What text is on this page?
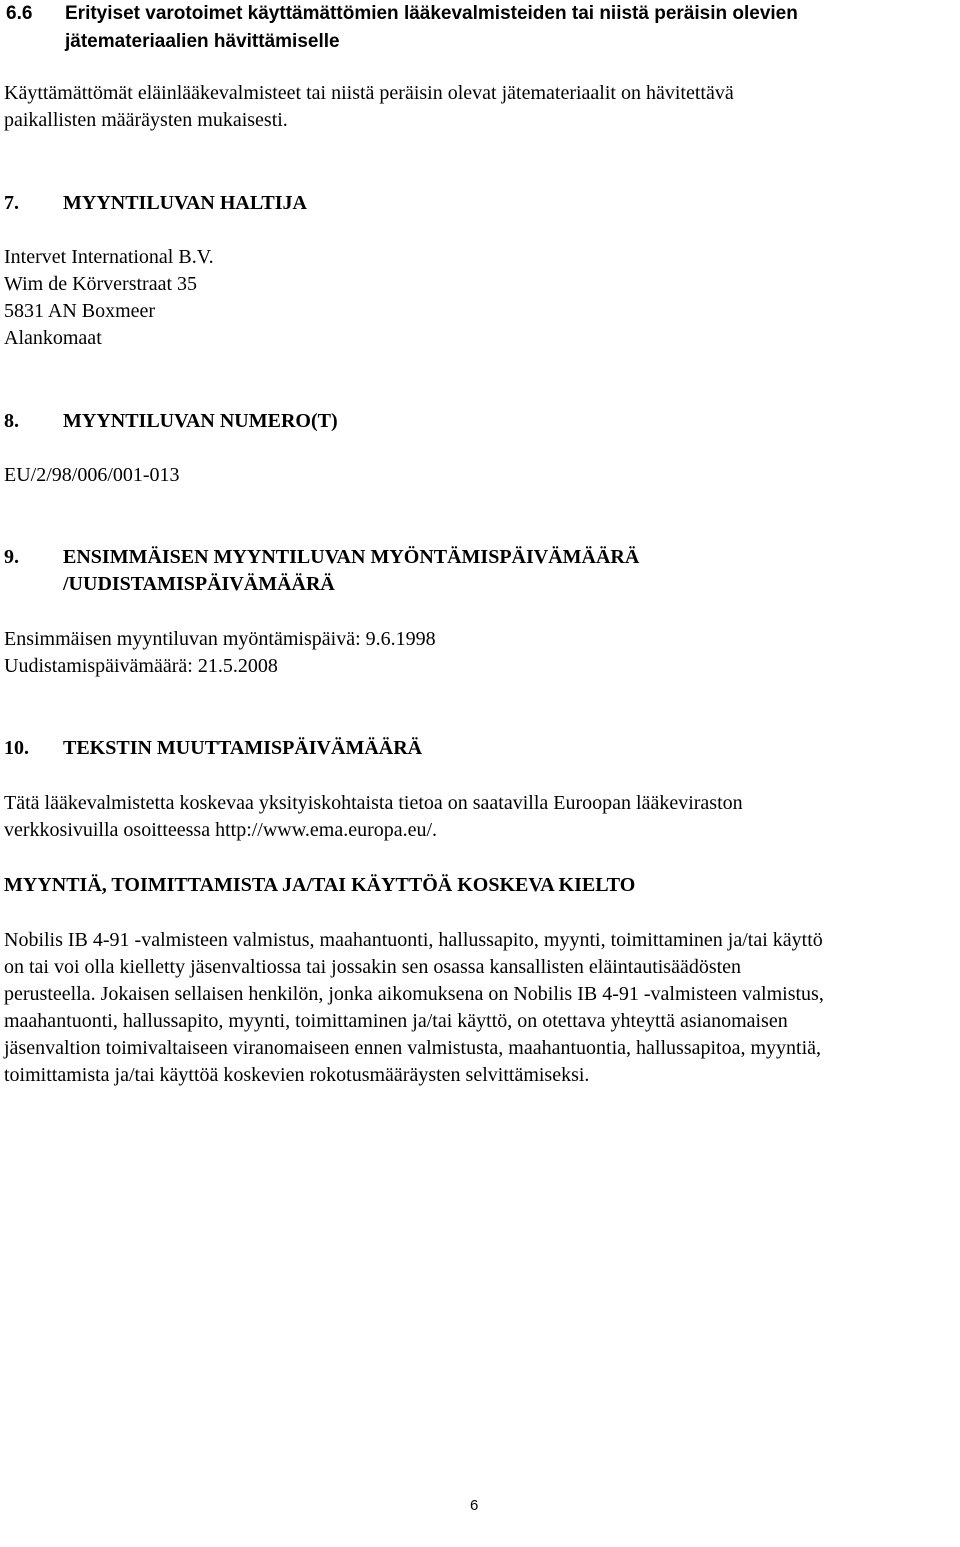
6.6 Erityiset varotoimet käyttämättömien lääkevalmisteiden tai niistä peräisin olevien
jätemateriaalien hävittämiselle
Käyttämättömät eläinlääkevalmisteet tai niistä peräisin olevat jätemateriaalit on hävitettävä
paikallisten määräysten mukaisesti.
7. MYYNTILUVAN HALTIJA
Intervet International B.V.
Wim de Körverstraat 35
5831 AN Boxmeer
Alankomaat
8. MYYNTILUVAN NUMERO(T)
EU/2/98/006/001-013
9. ENSIMMÄISEN MYYNTILUVAN MYÖNTÄMISPÄIVÄMÄÄRÄ
/UUDISTAMISPÄIVÄMÄÄRÄ
Ensimmäisen myyntiluvan myöntämispäivä: 9.6.1998
Uudistamispäivämäärä: 21.5.2008
10. TEKSTIN MUUTTAMISPÄIVÄMÄÄRÄ
Tätä lääkevalmistetta koskevaa yksityiskohtaista tietoa on saatavilla Euroopan lääkeviraston
verkkosivuilla osoitteessa http://www.ema.europa.eu/.
MYYNTIÄ, TOIMITTAMISTA JA/TAI KÄYTTÖÄ KOSKEVA KIELTO
Nobilis IB 4-91 -valmisteen valmistus, maahantuonti, hallussapito, myynti, toimittaminen ja/tai käyttö
on tai voi olla kielletty jäsenvaltiossa tai jossakin sen osassa kansallisten eläintautisäädösten
perusteella. Jokaisen sellaisen henkilön, jonka aikomuksena on Nobilis IB 4-91 -valmisteen valmistus,
maahantuonti, hallussapito, myynti, toimittaminen ja/tai käyttö, on otettava yhteyttä asianomaisen
jäsenvaltion toimivaltaiseen viranomaiseen ennen valmistusta, maahantuontia, hallussapitoa, myyntiä,
toimittamista ja/tai käyttöä koskevien rokotusmääräysten selvittämiseksi.
6
